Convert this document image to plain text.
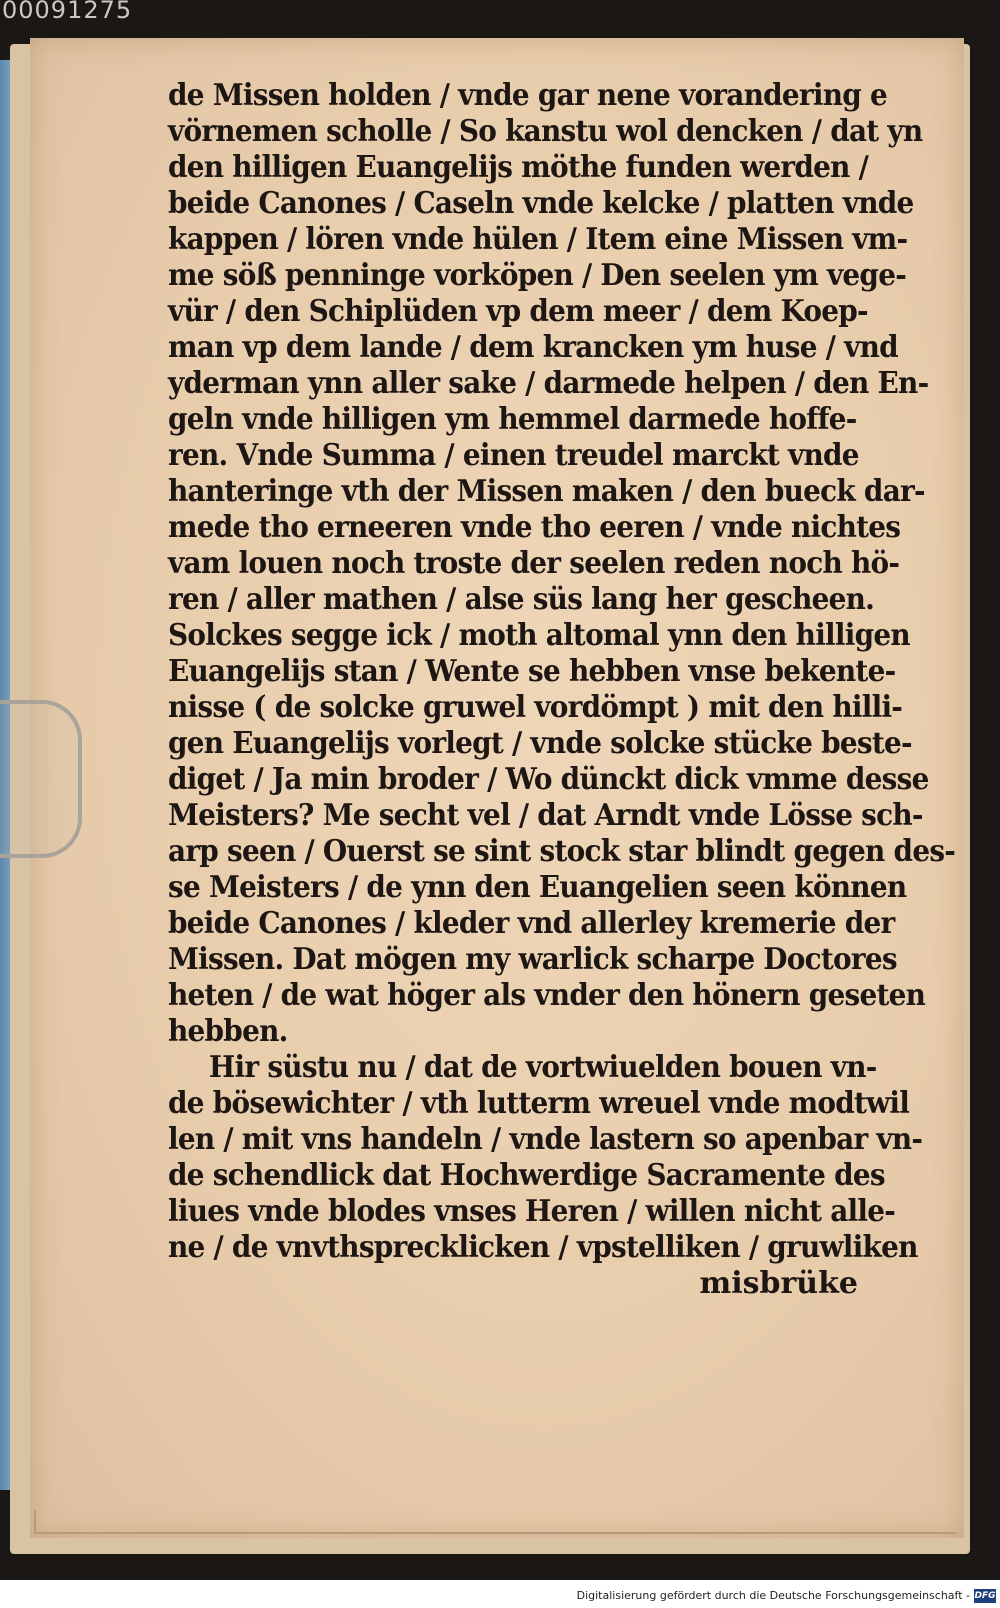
00091275
de Missen holden / vnde gar nene vorandering e
vörnemen scholle / So kanstu wol dencken / dat yn
den hilligen Euangelijs möthe funden werden /
beide Canones / Caseln vnde kelcke / platten vnde
kappen / lören vnde hülen / Item eine Missen vm-
me söß penninge vorköpen / Den seelen ym vege-
vür / den Schiplüden vp dem meer / dem Koep-
man vp dem lande / dem krancken ym huse / vnd
yderman ynn aller sake / darmede helpen / den En-
geln vnde hilligen ym hemmel darmede hoffe-
ren. Vnde Summa / einen treudel marckt vnde
hanteringe vth der Missen maken / den bueck dar-
mede tho erneeren vnde tho eeren / vnde nichtes
vam louen noch troste der seelen reden noch hö-
ren / aller mathen / alse süs lang her gescheen.
Solckes segge ick / moth altomal ynn den hilligen
Euangelijs stan / Wente se hebben vnse bekente-
nisse ( de solcke gruwel vordömpt ) mit den hilli-
gen Euangelijs vorlegt / vnde solcke stücke beste-
diget / Ja min broder / Wo dünckt dick vmme desse
Meisters? Me secht vel / dat Arndt vnde Lösse sch-
arp seen / Ouerst se sint stock star blindt gegen des-
se Meisters / de ynn den Euangelien seen können
beide Canones / kleder vnd allerley kremerie der
Missen. Dat mögen my warlick scharpe Doctores
heten / de wat höger als vnder den hönern geseten
hebben.
Hir süstu nu / dat de vortwiuelden bouen vn-
de bösewichter / vth lutterm wreuel vnde modtwil
len / mit vns handeln / vnde lastern so apenbar vn-
de schendlick dat Hochwerdige Sacramente des
liues vnde blodes vnses Heren / willen nicht alle-
ne / de vnvthsprecklicken / vpstelliken / gruwliken
misbrüke
Digitalisierung gefördert durch die Deutsche Forschungsgemeinschaft - DFG
